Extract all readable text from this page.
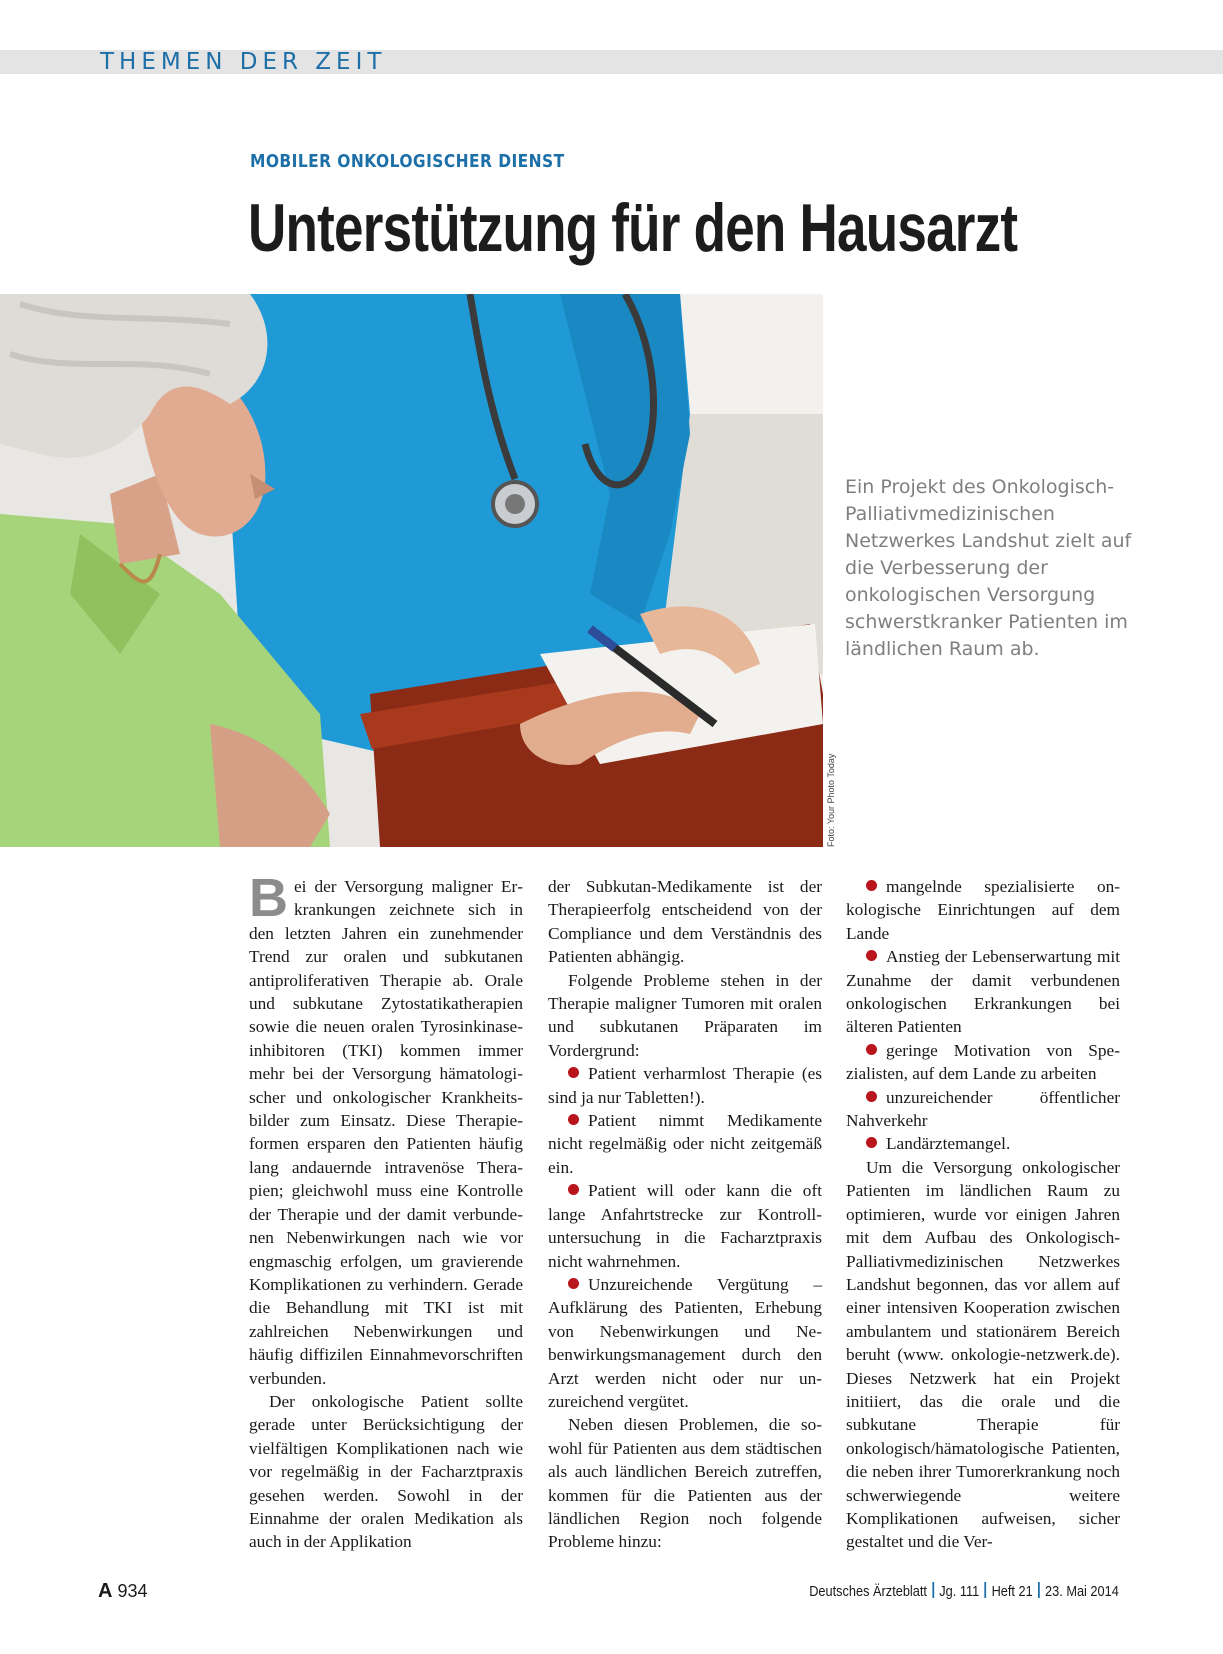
THEMEN DER ZEIT
MOBILER ONKOLOGISCHER DIENST
Unterstützung für den Hausarzt
Foto: Your Photo Today
Ein Projekt des Onkologisch-Palliativmedizinischen Netzwerkes Landshut zielt auf die Verbesserung der onkologischen Versorgung schwerstkranker Patienten im ländlichen Raum ab.

Bei der Versorgung maligner Erkrankungen zeichnete sich in den letzten Jahren ein zunehmender Trend zur oralen und subkutanen antiproliferativen Therapie ab. Orale und subkutane Zytostatikatherapien sowie die neuen oralen Tyrosinkinaseinhibitoren (TKI) kommen immer mehr bei der Versorgung hämatologischer und onkologischer Krankheitsbilder zum Einsatz. Diese Therapieformen ersparen den Patienten häufig lang andauernde intravenöse Therapien; gleichwohl muss eine Kontrolle der Therapie und der damit verbundenen Nebenwirkungen nach wie vor engmaschig erfolgen, um gravierende Komplikationen zu verhindern. Gerade die Behandlung mit TKI ist mit zahlreichen Nebenwirkungen und häufig diffizilen Einnahmevorschriften verbunden.

Der onkologische Patient sollte gerade unter Berücksichtigung der vielfältigen Komplikationen nach wie vor regelmäßig in der Facharztpraxis gesehen werden. Sowohl in der Einnahme der oralen Medikation als auch in der Applikation

der Subkutan-Medikamente ist der Therapieerfolg entscheidend von der Compliance und dem Verständnis des Patienten abhängig.

Folgende Probleme stehen in der Therapie maligner Tumoren mit oralen und subkutanen Präparaten im Vordergrund:

Patient verharmlost Therapie (es sind ja nur Tabletten!).

Patient nimmt Medikamente nicht regelmäßig oder nicht zeitgemäß ein.

Patient will oder kann die oft lange Anfahrtstrecke zur Kontrolluntersuchung in die Facharztpraxis nicht wahrnehmen.

Unzureichende Vergütung – Aufklärung des Patienten, Erhebung von Nebenwirkungen und Nebenwirkungsmanagement durch den Arzt werden nicht oder nur unzureichend vergütet.

Neben diesen Problemen, die sowohl für Patienten aus dem städtischen als auch ländlichen Bereich zutreffen, kommen für die Patienten aus der ländlichen Region noch folgende Probleme hinzu:

mangelnde spezialisierte onkologische Einrichtungen auf dem Lande

Anstieg der Lebenserwartung mit Zunahme der damit verbundenen onkologischen Erkrankungen bei älteren Patienten

geringe Motivation von Spezialisten, auf dem Lande zu arbeiten

unzureichender öffentlicher Nahverkehr

Landärztemangel.

Um die Versorgung onkologischer Patienten im ländlichen Raum zu optimieren, wurde vor einigen Jahren mit dem Aufbau des Onkologisch-Palliativmedizinischen Netzwerkes Landshut begonnen, das vor allem auf einer intensiven Kooperation zwischen ambulantem und stationärem Bereich beruht (www. onkologie-netzwerk.de). Dieses Netzwerk hat ein Projekt initiiert, das die orale und die subkutane Therapie für onkologisch/hämatologische Patienten, die neben ihrer Tumorerkrankung noch schwerwiegende weitere Komplikationen aufweisen, sicher gestaltet und die Ver-

A 934	Deutsches Ärzteblatt Jg. 111 Heft 21 23. Mai 2014
